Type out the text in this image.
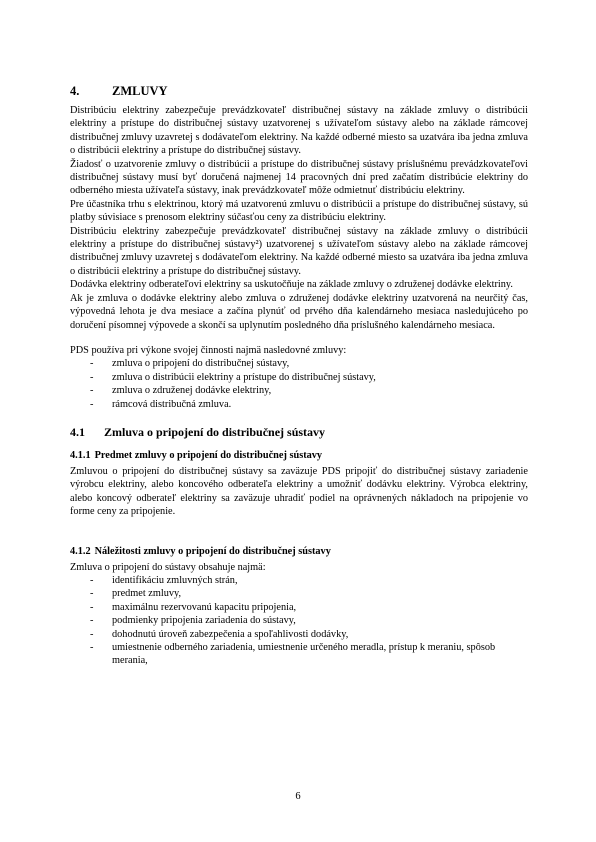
4.	ZMLUVY

Distribúciu elektriny zabezpečuje prevádzkovateľ distribučnej sústavy na základe zmluvy o distribúcii elektriny a prístupe do distribučnej sústavy uzatvorenej s užívateľom sústavy alebo na základe rámcovej distribučnej zmluvy uzavretej s dodávateľom elektriny. Na každé odberné miesto sa uzatvára iba jedna zmluva o distribúcii elektriny a prístupe do distribučnej sústavy.

Žiadosť o uzatvorenie zmluvy o distribúcii a prístupe do distribučnej sústavy príslušnému prevádzkovateľovi distribučnej sústavy musí byť doručená najmenej 14 pracovných dní pred začatím distribúcie elektriny do odberného miesta užívateľa sústavy, inak prevádzkovateľ môže odmietnuť distribúciu elektriny.

Pre účastníka trhu s elektrinou, ktorý má uzatvorenú zmluvu o distribúcii a prístupe do distribučnej sústavy, sú platby súvisiace s prenosom elektriny súčasťou ceny za distribúciu elektriny.

Distribúciu elektriny zabezpečuje prevádzkovateľ distribučnej sústavy na základe zmluvy o distribúcii elektriny a prístupe do distribučnej sústavy²) uzatvorenej s užívateľom sústavy alebo na základe rámcovej distribučnej zmluvy uzavretej s dodávateľom elektriny. Na každé odberné miesto sa uzatvára iba jedna zmluva o distribúcii elektriny a prístupe do distribučnej sústavy.

Dodávka elektriny odberateľovi elektriny sa uskutočňuje na základe zmluvy o združenej dodávke elektriny.

Ak je zmluva o dodávke elektriny alebo zmluva o združenej dodávke elektriny uzatvorená na neurčitý čas, výpovedná lehota je dva mesiace a začína plynúť od prvého dňa kalendárneho mesiaca nasledujúceho po doručení písomnej výpovede a skončí sa uplynutím posledného dňa príslušného kalendárneho mesiaca.

PDS používa pri výkone svojej činnosti najmä nasledovné zmluvy:

- zmluva o pripojení do distribučnej sústavy,
- zmluva o distribúcii elektriny a prístupe do distribučnej sústavy,
- zmluva o združenej dodávke elektriny,
- rámcová distribučná zmluva.
4.1 Zmluva o pripojení do distribučnej sústavy
4.1.1 Predmet zmluvy o pripojení do distribučnej sústavy

Zmluvou o pripojení do distribučnej sústavy sa zaväzuje PDS pripojiť do distribučnej sústavy zariadenie výrobcu elektriny, alebo koncového odberateľa elektriny a umožniť dodávku elektriny. Výrobca elektriny, alebo koncový odberateľ elektriny sa zaväzuje uhradiť podiel na oprávnených nákladoch na pripojenie vo forme ceny za pripojenie.

4.1.2 Náležitosti zmluvy o pripojení do distribučnej sústavy

Zmluva o pripojení do sústavy obsahuje najmä:

- identifikáciu zmluvných strán,
- predmet zmluvy,
- maximálnu rezervovanú kapacitu pripojenia,
- podmienky pripojenia zariadenia do sústavy,
- dohodnutú úroveň zabezpečenia a spoľahlivosti dodávky,
- umiestnenie odberného zariadenia, umiestnenie určeného meradla, prístup k meraniu, spôsob merania,
6
